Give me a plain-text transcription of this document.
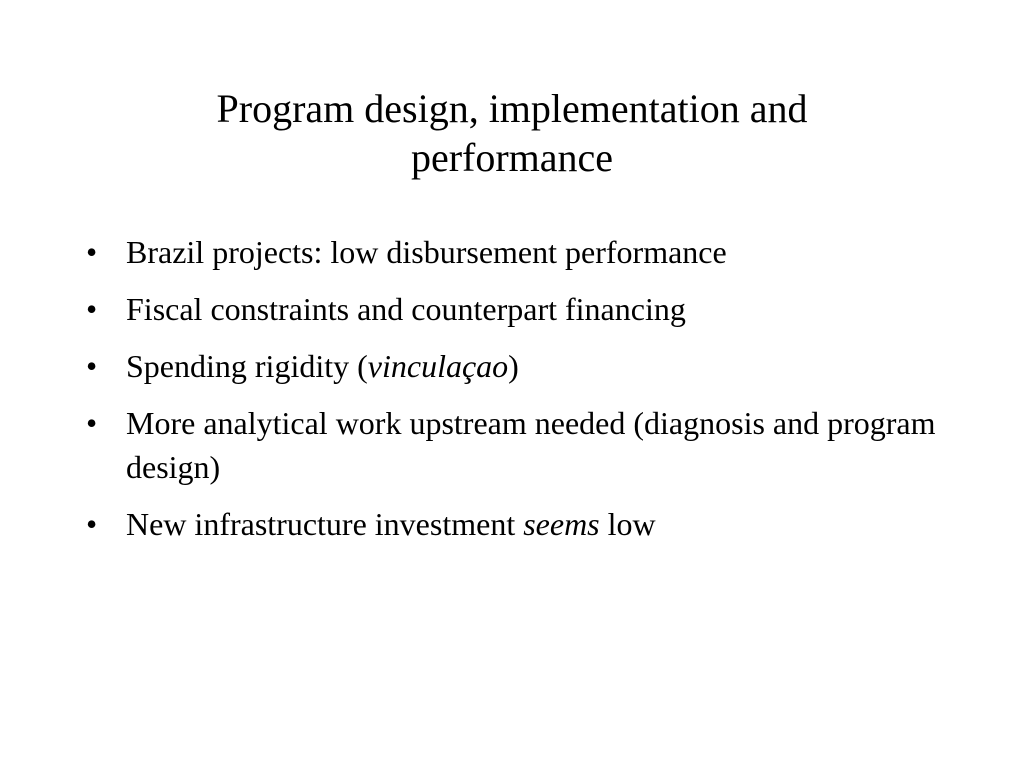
Program design, implementation and
performance
• Brazil projects: low disbursement performance
• Fiscal constraints and counterpart financing
• Spending rigidity (vinculaçao)
• More analytical work upstream needed (diagnosis and program design)
• New infrastructure investment seems low
